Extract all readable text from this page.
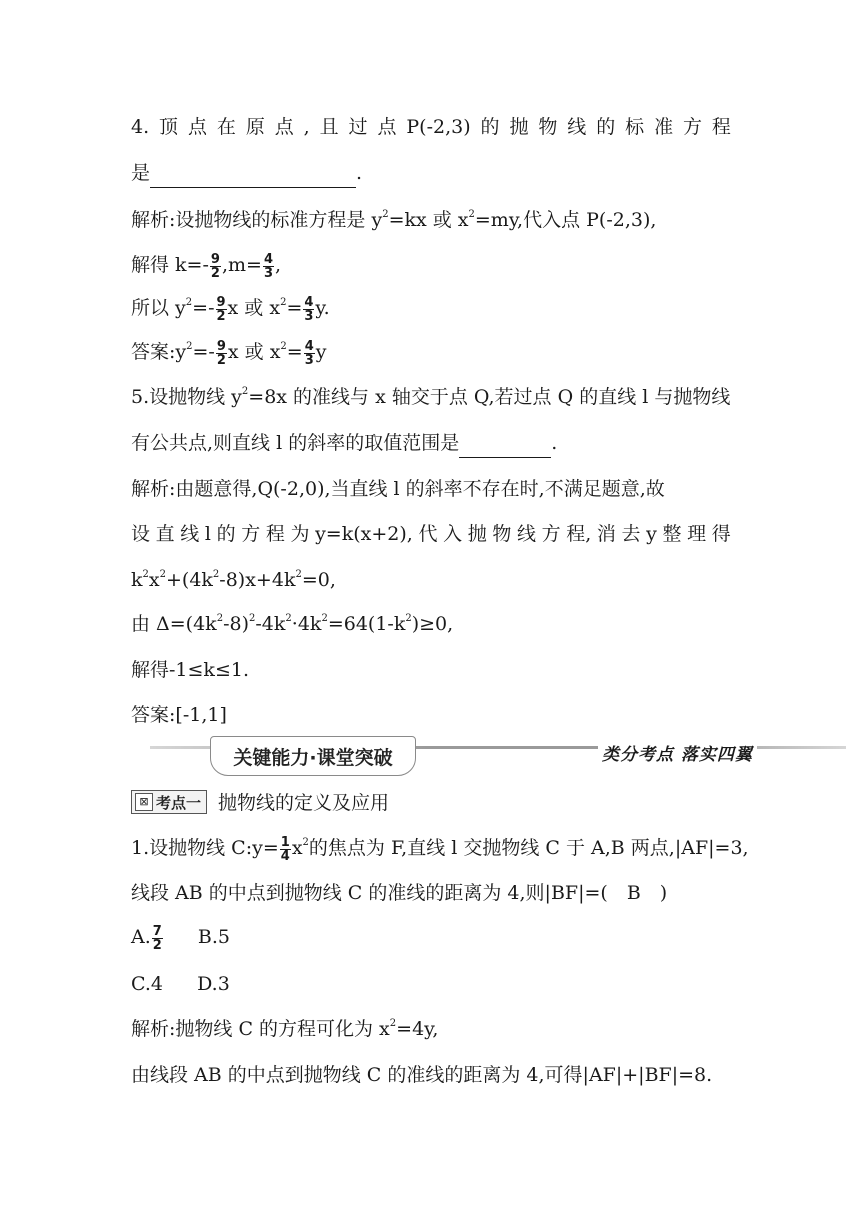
4. 顶 点 在 原 点 , 且 过 点 P(-2,3) 的 抛 物 线 的 标 准 方 程
是	.
解析:设抛物线的标准方程是 $y^2=kx$ 或 $x^2=my$,代入点 P(-2,3),
解得 $k=- \frac{9}{2} ,m= \frac{4}{3}$ ,
所以 $y^2=- \frac{9}{2}$ x 或 $x^2= \frac{4}{3} y$.
答案$:y^2=- \frac{9}{2}$ x 或 $x^2= \frac{4}{3}$ y
5.设抛物线 $y^2=8x$ 的准线与 x 轴交于点 Q,若过点 Q 的直线 l 与抛物线
有公共点,则直线 l 的斜率的取值范围是	.
解析:由题意得,Q(-2,0),当直线 l 的斜率不存在时,不满足题意,故
设 直 线 l 的 方 程 为 y=k(x+2), 代 入 抛 物 线 方 程, 消 去 y 整 理 得
$k^2x^2+(4k^2-8)x+4k^2=0$,
由 $\Delta=(4k^2-8)^2-4k^2\cdot 4k^2=64(1-k^2)\ge 0$,
解得-1≤k≤1.
答案:[-1,1]
关键能力·课堂突破	类分考点 落实四翼
⊠ 考点一 抛物线的定义及应用
1.设抛物线 C:y= $\frac{1}{4} x^2$的焦点为 F,直线 l 交抛物线 C 于 A,B 两点,|AF|=3,
线段 AB 的中点到抛物线 C 的准线的距离为 4,则|BF|=(　B　)
A. $\frac{7}{2} B.5$
C.4 D.3
解析:抛物线 C 的方程可化为 $x^2=4y$,
由线段 AB 的中点到抛物线 C 的准线的距离为 4,可得|AF|+|BF|=8.
